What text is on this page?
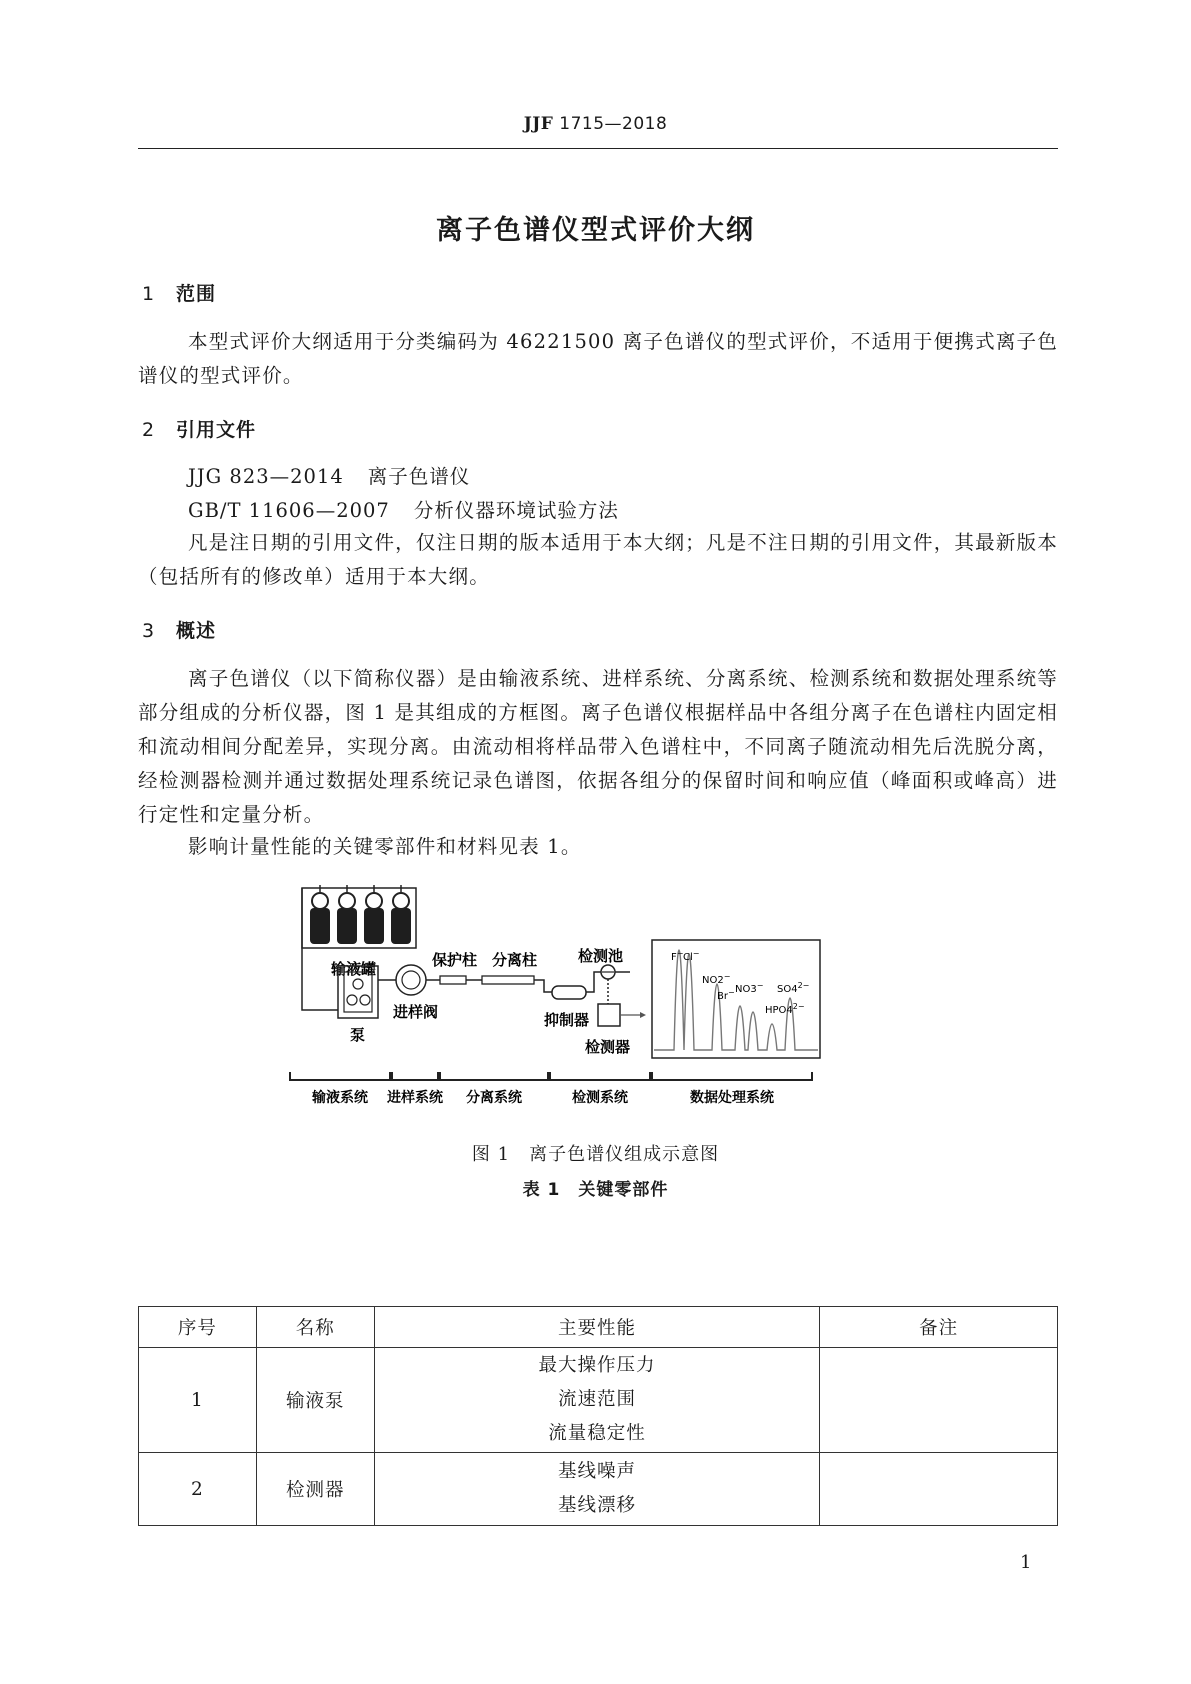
JJF 1715—2018
离子色谱仪型式评价大纲
1 范围
本型式评价大纲适用于分类编码为 46221500 离子色谱仪的型式评价，不适用于便携式离子色谱仪的型式评价。
2 引用文件
JJG 823—2014 离子色谱仪
GB/T 11606—2007 分析仪器环境试验方法
凡是注日期的引用文件，仅注日期的版本适用于本大纲；凡是不注日期的引用文件，其最新版本（包括所有的修改单）适用于本大纲。
3 概述
离子色谱仪（以下简称仪器）是由输液系统、进样系统、分离系统、检测系统和数据处理系统等部分组成的分析仪器，图 1 是其组成的方框图。离子色谱仪根据样品中各组分离子在色谱柱内固定相和流动相间分配差异，实现分离。由流动相将样品带入色谱柱中，不同离子随流动相先后洗脱分离，经检测器检测并通过数据处理系统记录色谱图，依据各组分的保留时间和响应值（峰面积或峰高）进行定性和定量分析。
影响计量性能的关键零部件和材料见表 1。
输液罐
泵
进样阀
保护柱 分离柱
抑制器
检测池
检测器
F− Cl−
NO2−
Br− NO3−
$HPO4^{2-}$
$SO4^{2-}$
输液系统 进样系统 分离系统	检测系统	数据处理系统
图 1　离子色谱仪组成示意图
表 1　关键零部件
序号	名称	主要性能	备注
1	输液泵	最大操作压力
流速范围
流量稳定性	

2	检测器	基线噪声
基线漂移	

1
